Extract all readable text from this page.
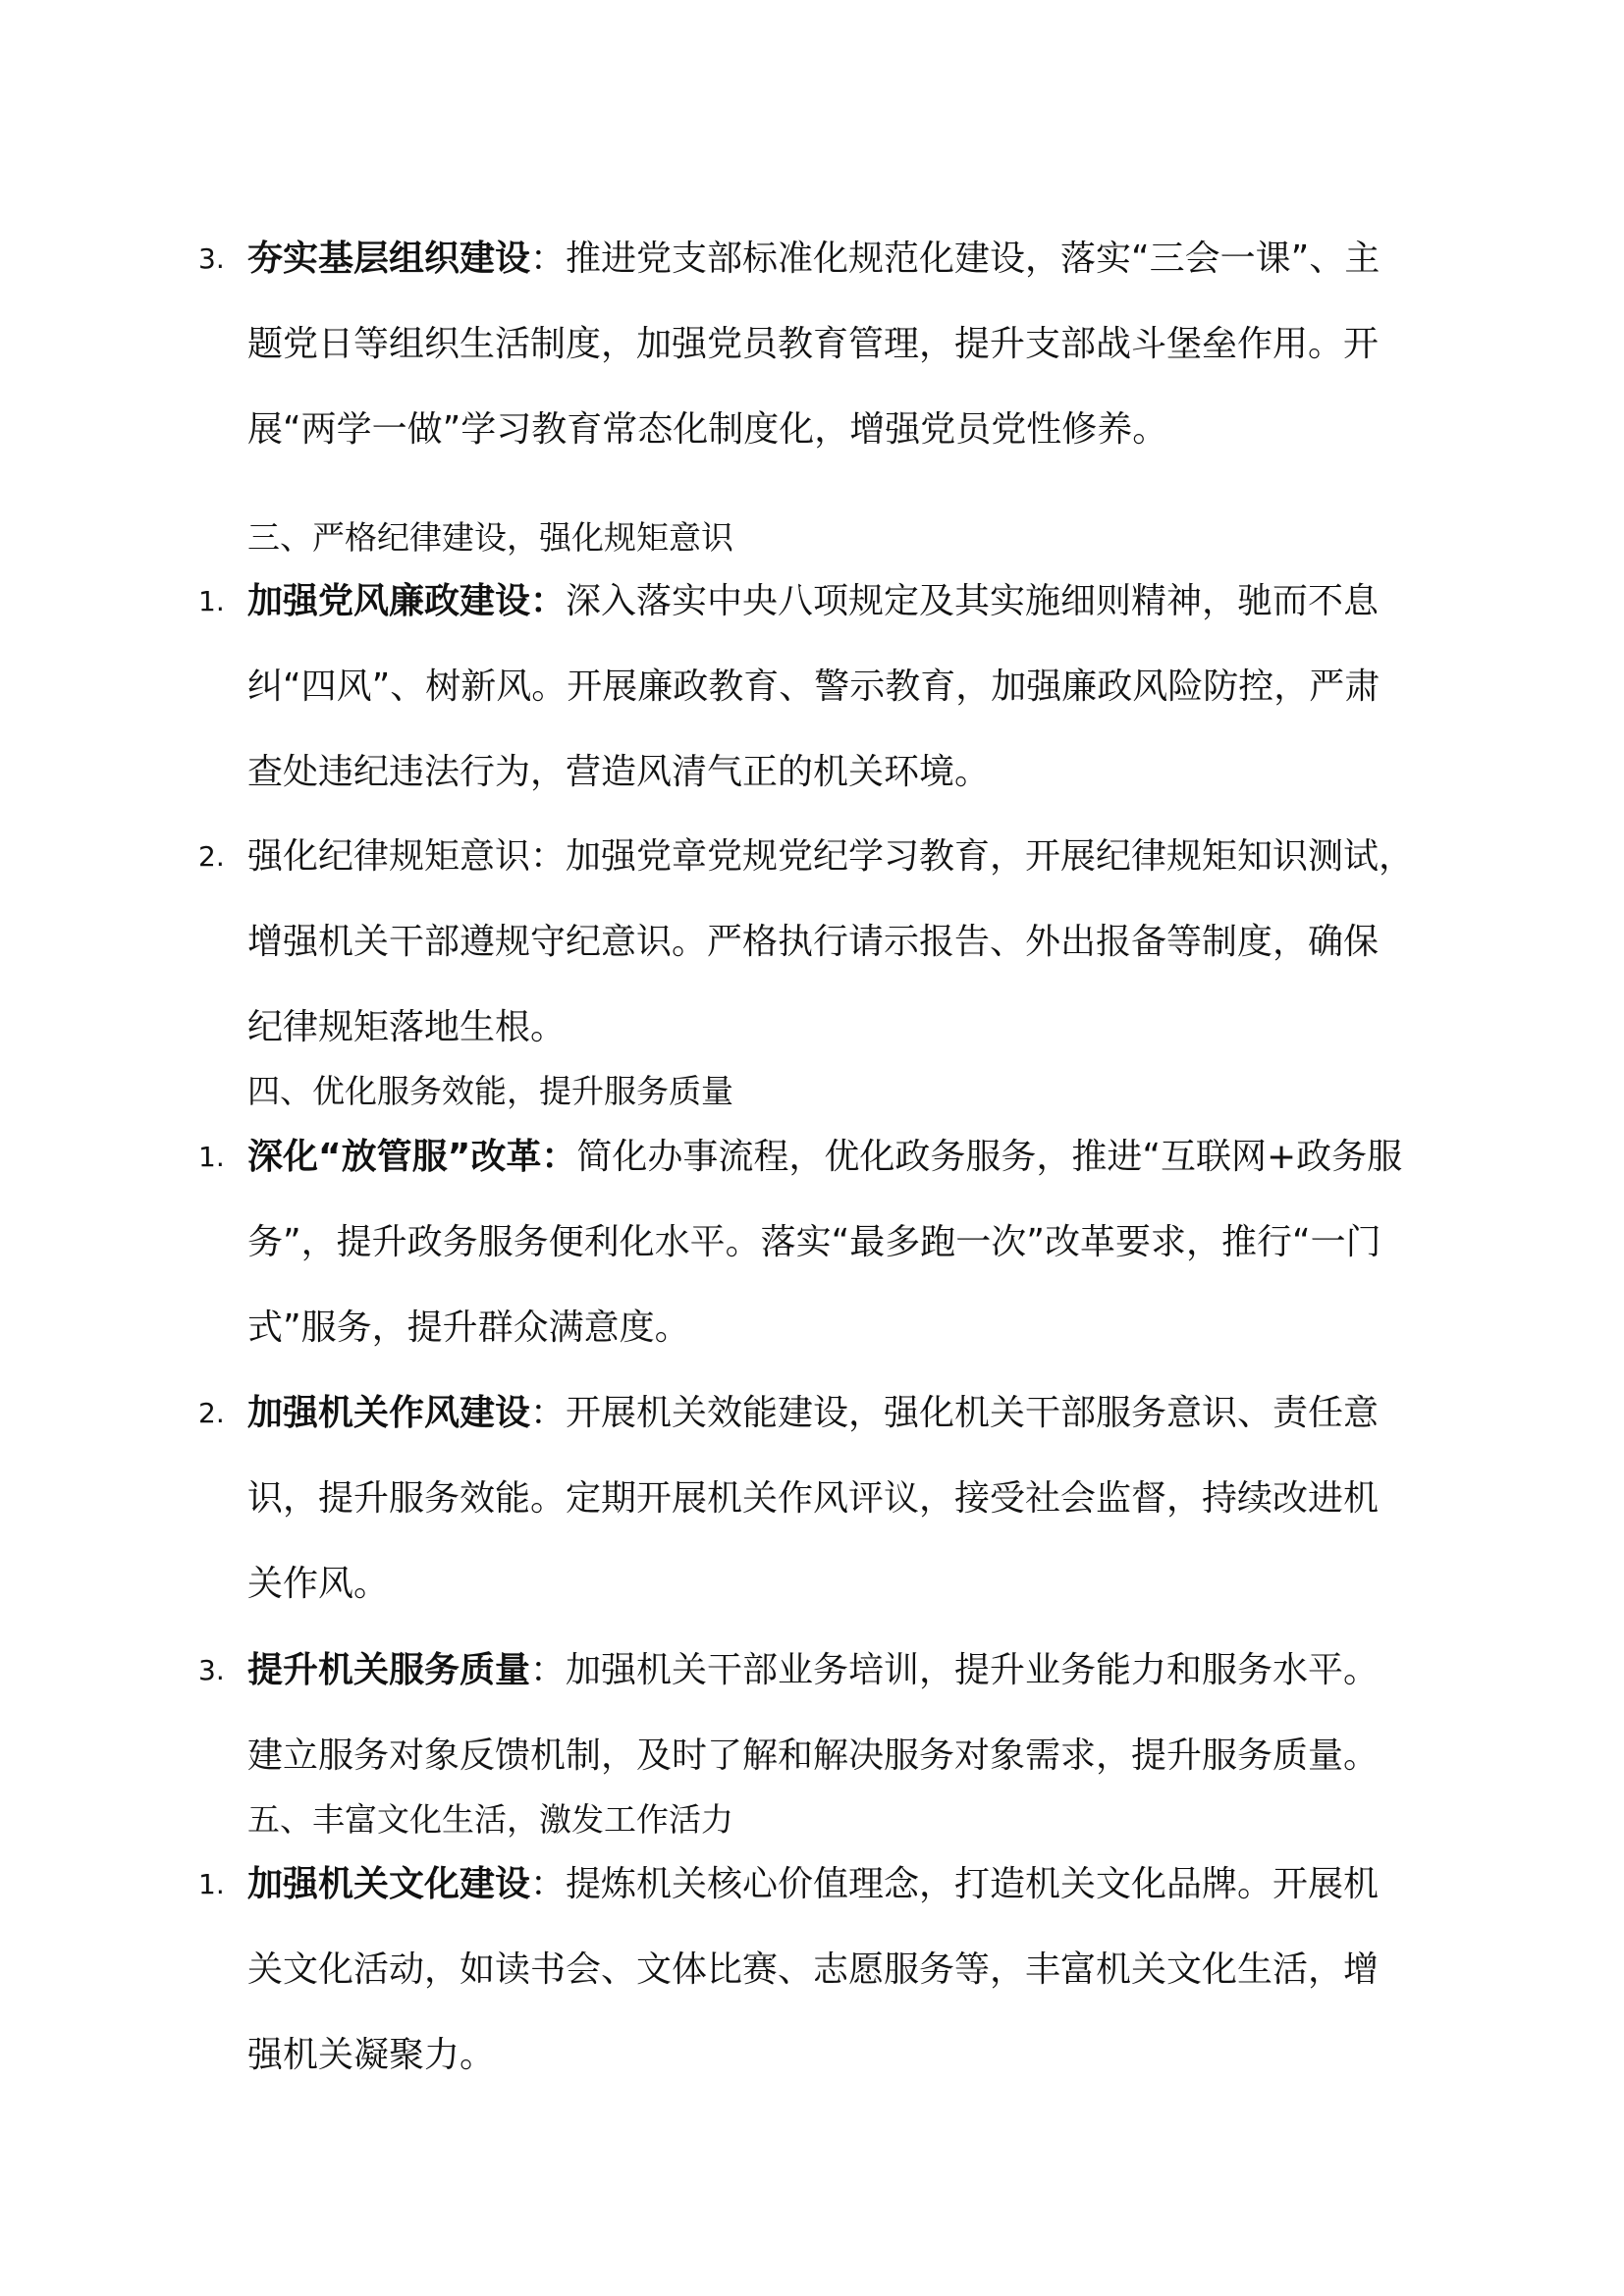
3. 夯实基层组织建设：推进党支部标准化规范化建设，落实“三会一课”、主
题党日等组织生活制度，加强党员教育管理，提升支部战斗堡垒作用。开
展“两学一做”学习教育常态化制度化，增强党员党性修养。
三、严格纪律建设，强化规矩意识
1. 加强党风廉政建设：深入落实中央八项规定及其实施细则精神，驰而不息
纠“四风”、树新风。开展廉政教育、警示教育，加强廉政风险防控，严肃
查处违纪违法行为，营造风清气正的机关环境。
2. 强化纪律规矩意识：加强党章党规党纪学习教育，开展纪律规矩知识测试，
增强机关干部遵规守纪意识。严格执行请示报告、外出报备等制度，确保
纪律规矩落地生根。
四、优化服务效能，提升服务质量
1. 深化“放管服”改革：简化办事流程，优化政务服务，推进“互联网+政务服
务”，提升政务服务便利化水平。落实“最多跑一次”改革要求，推行“一门
式”服务，提升群众满意度。
2. 加强机关作风建设：开展机关效能建设，强化机关干部服务意识、责任意
识，提升服务效能。定期开展机关作风评议，接受社会监督，持续改进机
关作风。
3. 提升机关服务质量：加强机关干部业务培训，提升业务能力和服务水平。
建立服务对象反馈机制，及时了解和解决服务对象需求，提升服务质量。
五、丰富文化生活，激发工作活力
1. 加强机关文化建设：提炼机关核心价值理念，打造机关文化品牌。开展机
关文化活动，如读书会、文体比赛、志愿服务等，丰富机关文化生活，增
强机关凝聚力。
